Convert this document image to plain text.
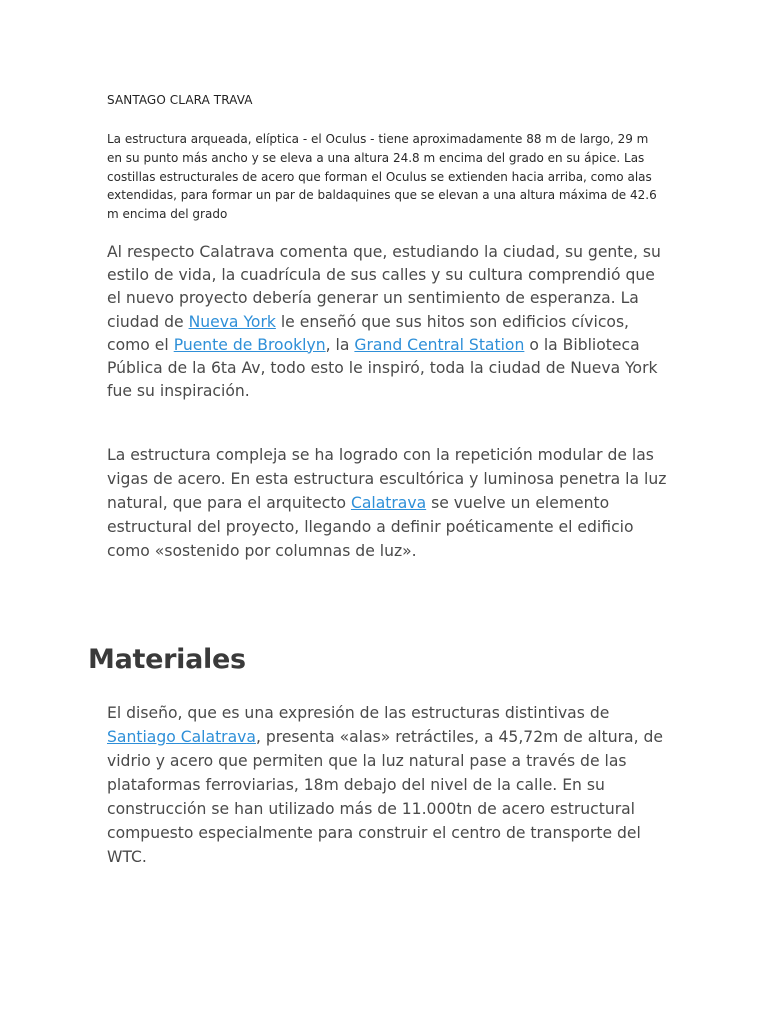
SANTAGO CLARA TRAVA
La estructura arqueada, elíptica - el Oculus - tiene aproximadamente 88 m de largo, 29 m en su punto más ancho y se eleva a una altura 24.8 m encima del grado en su ápice. Las costillas estructurales de acero que forman el Oculus se extienden hacia arriba, como alas extendidas, para formar un par de baldaquines que se elevan a una altura máxima de 42.6 m encima del grado
Al respecto Calatrava comenta que, estudiando la ciudad, su gente, su estilo de vida, la cuadrícula de sus calles y su cultura comprendió que el nuevo proyecto debería generar un sentimiento de esperanza. La ciudad de Nueva York le enseñó que sus hitos son edificios cívicos, como el Puente de Brooklyn, la Grand Central Station o la Biblioteca Pública de la 6ta Av, todo esto le inspiró, toda la ciudad de Nueva York fue su inspiración.
La estructura compleja se ha logrado con la repetición modular de las vigas de acero. En esta estructura escultórica y luminosa penetra la luz natural, que para el arquitecto Calatrava se vuelve un elemento estructural del proyecto, llegando a definir poéticamente el edificio como «sostenido por columnas de luz».
Materiales
El diseño, que es una expresión de las estructuras distintivas de Santiago Calatrava, presenta «alas» retráctiles, a 45,72m de altura, de vidrio y acero que permiten que la luz natural pase a través de las plataformas ferroviarias, 18m debajo del nivel de la calle. En su construcción se han utilizado más de 11.000tn de acero estructural compuesto especialmente para construir el centro de transporte del WTC.
